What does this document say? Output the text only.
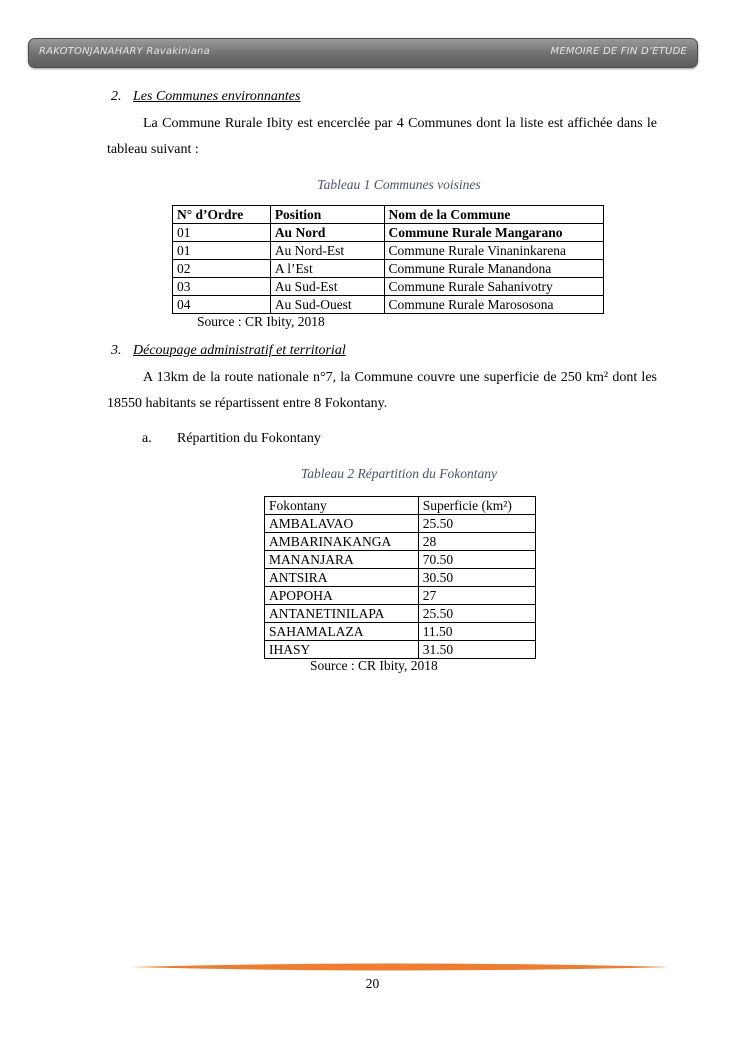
RAKOTONJANAHARY Ravakiniana	MEMOIRE DE FIN D’ETUDE
2. Les Communes environnantes
La Commune Rurale Ibity est encerclée par 4 Communes dont la liste est affichée dans le tableau suivant :
Tableau 1 Communes voisines
N° d’Ordre	Position	Nom de la Commune
01	Au Nord	Commune Rurale Mangarano
01	Au Nord-Est	Commune Rurale Vinaninkarena
02	A l’Est	Commune Rurale Manandona
03	Au Sud-Est	Commune Rurale Sahanivotry
04	Au Sud-Ouest	Commune Rurale Marososona
Source : CR Ibity, 2018
3. Découpage administratif et territorial
A 13km de la route nationale n°7, la Commune couvre une superficie de 250 km² dont les 18550 habitants se répartissent entre 8 Fokontany.
a. Répartition du Fokontany
Tableau 2 Répartition du Fokontany
Fokontany	Superficie (km²)
AMBALAVAO	25.50
AMBARINAKANGA	28
MANANJARA	70.50
ANTSIRA	30.50
APOPOHA	27
ANTANETINILAPA	25.50
SAHAMALAZA	11.50
IHASY	31.50
Source : CR Ibity, 2018
20
